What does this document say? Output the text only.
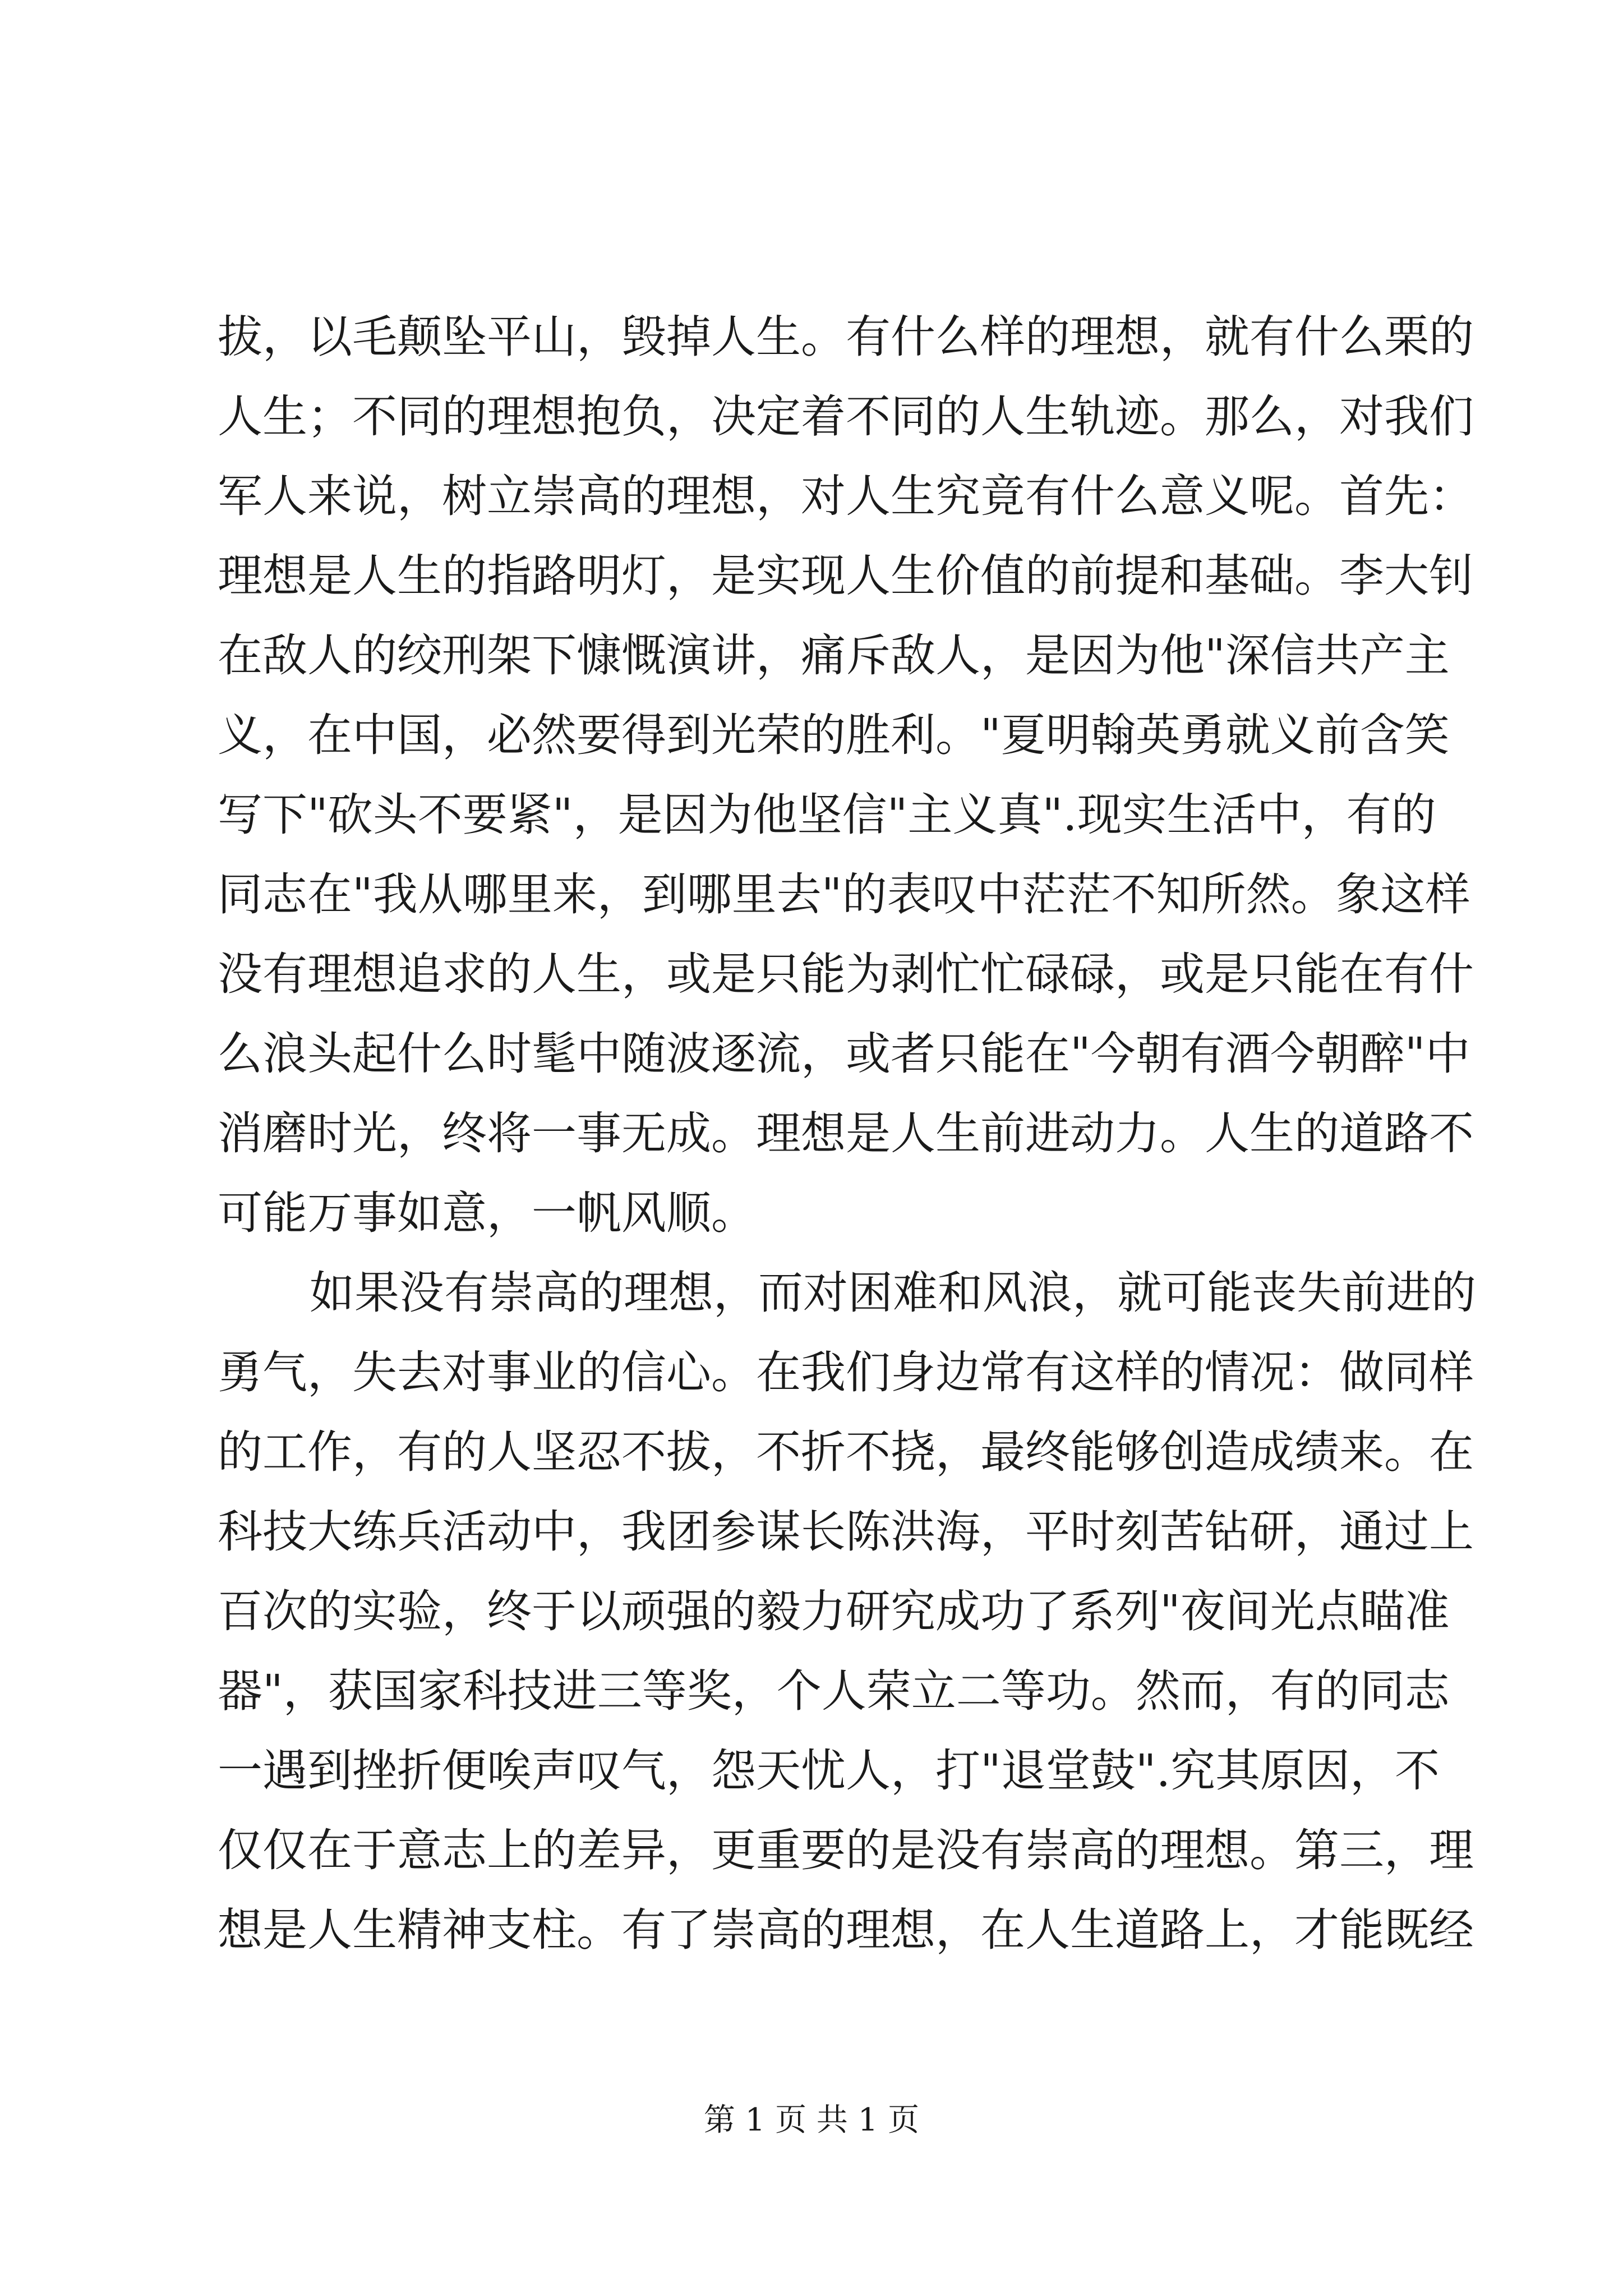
拔，以毛颠坠平山，毁掉人生。有什么样的理想，就有什么栗的
人生；不同的理想抱负，决定着不同的人生轨迹。那么，对我们
军人来说，树立崇高的理想，对人生究竟有什么意义呢。首先：
理想是人生的指路明灯，是实现人生价值的前提和基础。李大钊
在敌人的绞刑架下慷慨演讲，痛斥敌人，是因为他"深信共产主
义，在中国，必然要得到光荣的胜利。"夏明翰英勇就义前含笑
写下"砍头不要紧"，是因为他坚信"主义真".现实生活中，有的
同志在"我从哪里来，到哪里去"的表叹中茫茫不知所然。象这样
没有理想追求的人生，或是只能为剥忙忙碌碌，或是只能在有什
么浪头起什么时髦中随波逐流，或者只能在"今朝有酒今朝醉"中
消磨时光，终将一事无成。理想是人生前进动力。人生的道路不
可能万事如意，一帆风顺。
如果没有崇高的理想，而对困难和风浪，就可能丧失前进的
勇气，失去对事业的信心。在我们身边常有这样的情况：做同样
的工作，有的人坚忍不拔，不折不挠，最终能够创造成绩来。在
科技大练兵活动中，我团参谋长陈洪海，平时刻苦钻研，通过上
百次的实验，终于以顽强的毅力研究成功了系列"夜间光点瞄准
器"，获国家科技进三等奖，个人荣立二等功。然而，有的同志
一遇到挫折便唉声叹气，怨天忧人，打"退堂鼓".究其原因，不
仅仅在于意志上的差异，更重要的是没有崇高的理想。第三，理
想是人生精神支柱。有了崇高的理想，在人生道路上，才能既经
第 1 页 共 1 页
